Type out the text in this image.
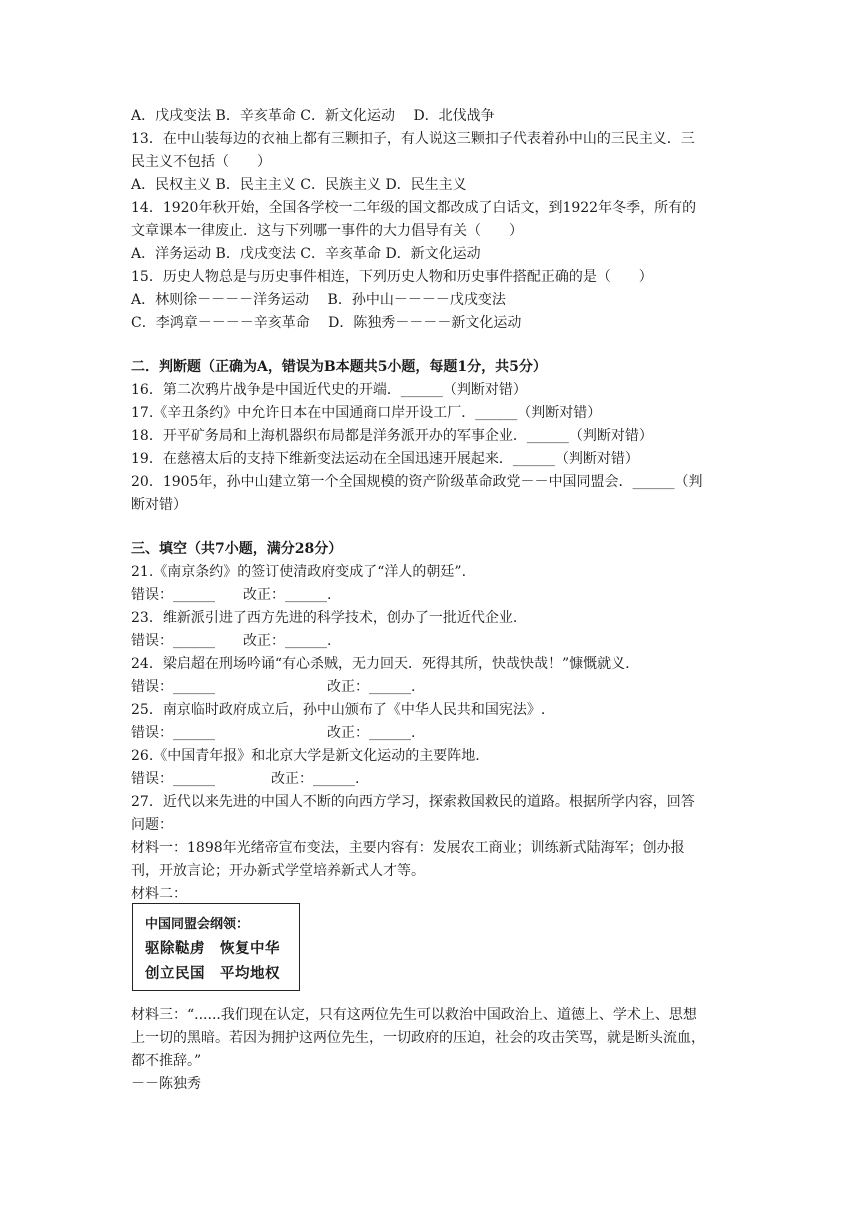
A．戊戌变法 B．辛亥革命 C．新文化运动　 D．北伐战争

13．在中山装每边的衣袖上都有三颗扣子，有人说这三颗扣子代表着孙中山的三民主义．三

民主义不包括（　　）

A．民权主义 B．民主主义 C．民族主义 D．民生主义

14．1920年秋开始，全国各学校一二年级的国文都改成了白话文，到1922年冬季，所有的

文章课本一律废止．这与下列哪一事件的大力倡导有关（　　）

A．洋务运动 B．戊戌变法 C．辛亥革命 D．新文化运动

15．历史人物总是与历史事件相连，下列历史人物和历史事件搭配正确的是（　　）

A．林则徐－－－－洋务运动　 B．孙中山－－－－戊戌变法

C．李鸿章－－－－辛亥革命　 D．陈独秀－－－－新文化运动

二．判断题（正确为A，错误为B本题共5小题，每题1分，共5分）

16．第二次鸦片战争是中国近代史的开端．______（判断对错）

17.《辛丑条约》中允许日本在中国通商口岸开设工厂．______（判断对错）

18．开平矿务局和上海机器织布局都是洋务派开办的军事企业．______（判断对错）

19．在慈禧太后的支持下维新变法运动在全国迅速开展起来．______（判断对错）

20．1905年，孙中山建立第一个全国规模的资产阶级革命政党－－中国同盟会．______（判

断对错）

三、填空（共7小题，满分28分）

21.《南京条约》的签订使清政府变成了“洋人的朝廷”.

错误：______　　改正：______.

23．维新派引进了西方先进的科学技术，创办了一批近代企业.

错误：______　　改正：______.

24．梁启超在刑场吟诵“有心杀贼，无力回天．死得其所，快哉快哉！”慷慨就义.

错误：______　　　　　　　　改正：______.

25．南京临时政府成立后，孙中山颁布了《中华人民共和国宪法》.

错误：______　　　　　　　　改正：______.

26.《中国青年报》和北京大学是新文化运动的主要阵地.

错误：______　　　　改正：______.

27．近代以来先进的中国人不断的向西方学习，探索救国救民的道路。根据所学内容，回答

问题：

材料一：1898年光绪帝宣布变法，主要内容有：发展农工商业；训练新式陆海军；创办报

刊，开放言论；开办新式学堂培养新式人才等。

材料二：

中国同盟会纲领：
驱除鞑虏　恢复中华
创立民国　平均地权

材料三：“......我们现在认定，只有这两位先生可以救治中国政治上、道德上、学术上、思想

上一切的黑暗。若因为拥护这两位先生，一切政府的压迫，社会的攻击笑骂，就是断头流血，

都不推辞。”

－－陈独秀
